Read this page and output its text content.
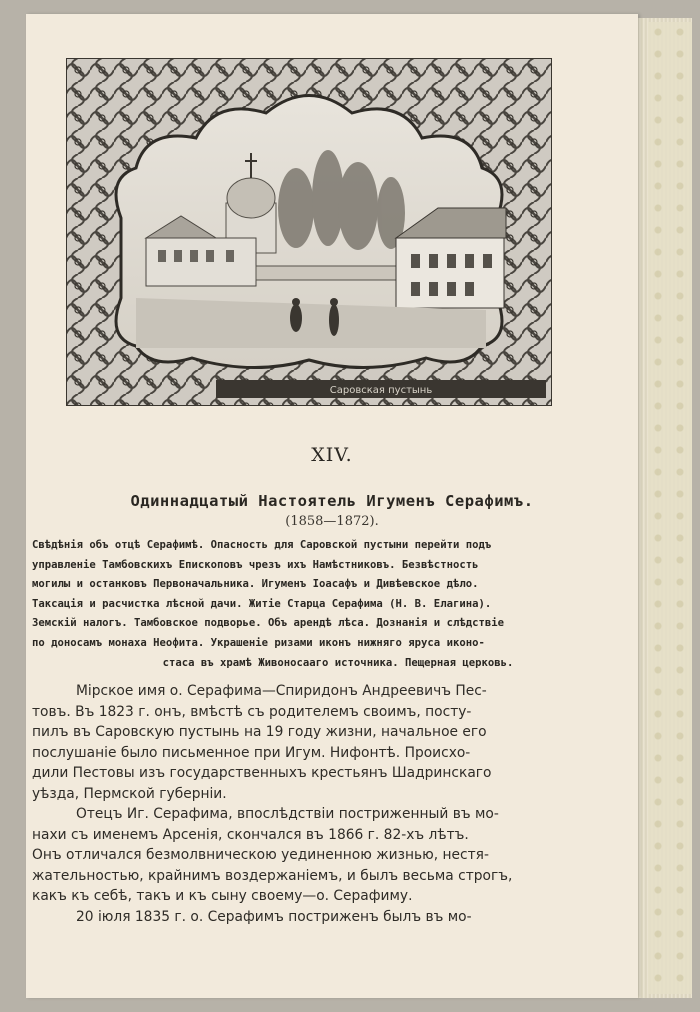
Саровская пустынь
XIV.
Одиннадцатый Настоятель Игуменъ Серафимъ.
(1858—1872).
Свѣдѣнія объ отцѣ Серафимѣ. Опасность для Саровской пустыни перейти подъ
управленіе Тамбовскихъ Епископовъ чрезъ ихъ Намѣстниковъ. Безвѣстность
могилы и останковъ Первоначальника. Игуменъ Іоасафъ и Дивѣевское дѣло.
Таксація и расчистка лѣсной дачи. Житіе Старца Серафима (Н. В. Елагина).
Земскій налогъ. Тамбовское подворье. Объ арендѣ лѣса. Дознанія и слѣдствіе
по доносамъ монаха Неофита. Украшеніе ризами иконъ нижняго яруса иконо-
стаса въ храмѣ Живоносааго источника. Пещерная церковь.
Мірское имя о. Серафима—Спиридонъ Андреевичъ Пес-
товъ. Въ 1823 г. онъ, вмѣстѣ съ родителемъ своимъ, посту-
пилъ въ Саровскую пустынь на 19 году жизни, начальное его
послушаніе было письменное при Игум. Нифонтѣ. Происхо-
дили Пестовы изъ государственныхъ крестьянъ Шадринскаго
уѣзда, Пермской губерніи.
Отецъ Иг. Серафима, впослѣдствіи постриженный въ мо-
нахи съ именемъ Арсенія, скончался въ 1866 г. 82-хъ лѣтъ.
Онъ отличался безмолвническою уединенною жизнью, нестя-
жательностью, крайнимъ воздержаніемъ, и былъ весьма строгъ,
какъ къ себѣ, такъ и къ сыну своему—о. Серафиму.
20 іюля 1835 г. о. Серафимъ постриженъ былъ въ мо-
